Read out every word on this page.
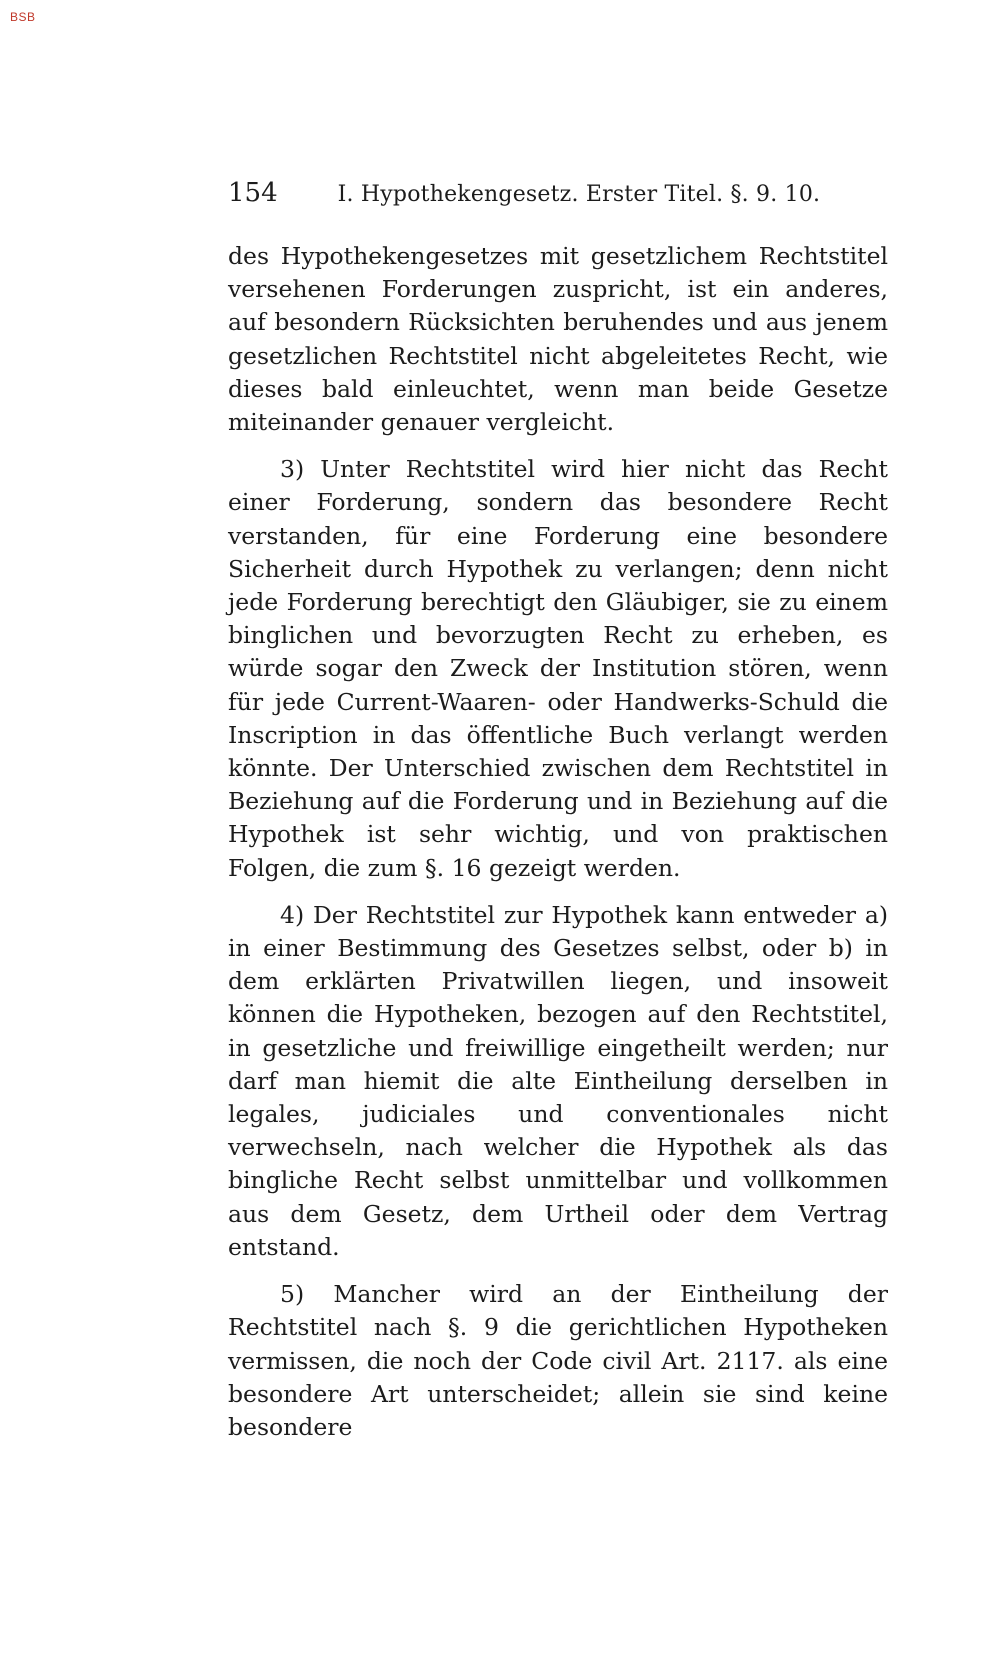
BSB
154	I. Hypothekengesetz. Erster Titel. §. 9. 10.

des Hypothekengesetzes mit gesetzlichem Rechtstitel versehenen Forderungen zuspricht, ist ein anderes, auf besondern Rücksichten beruhendes und aus jenem gesetzlichen Rechtstitel nicht abgeleitetes Recht, wie dieses bald einleuchtet, wenn man beide Gesetze miteinander genauer vergleicht.

3) Unter Rechtstitel wird hier nicht das Recht einer Forderung, sondern das besondere Recht verstanden, für eine Forderung eine besondere Sicherheit durch Hypothek zu verlangen; denn nicht jede Forderung berechtigt den Gläubiger, sie zu einem binglichen und bevorzugten Recht zu erheben, es würde sogar den Zweck der Institution stören, wenn für jede Current-Waaren- oder Handwerks-Schuld die Inscription in das öffentliche Buch verlangt werden könnte. Der Unterschied zwischen dem Rechtstitel in Beziehung auf die Forderung und in Beziehung auf die Hypothek ist sehr wichtig, und von praktischen Folgen, die zum §. 16 gezeigt werden.

4) Der Rechtstitel zur Hypothek kann entweder a) in einer Bestimmung des Gesetzes selbst, oder b) in dem erklärten Privatwillen liegen, und insoweit können die Hypotheken, bezogen auf den Rechtstitel, in gesetzliche und freiwillige eingetheilt werden; nur darf man hiemit die alte Eintheilung derselben in legales, judiciales und conventionales nicht verwechseln, nach welcher die Hypothek als das bingliche Recht selbst unmittelbar und vollkommen aus dem Gesetz, dem Urtheil oder dem Vertrag entstand.

5) Mancher wird an der Eintheilung der Rechtstitel nach §. 9 die gerichtlichen Hypotheken vermissen, die noch der Code civil Art. 2117. als eine besondere Art unterscheidet; allein sie sind keine besondere
